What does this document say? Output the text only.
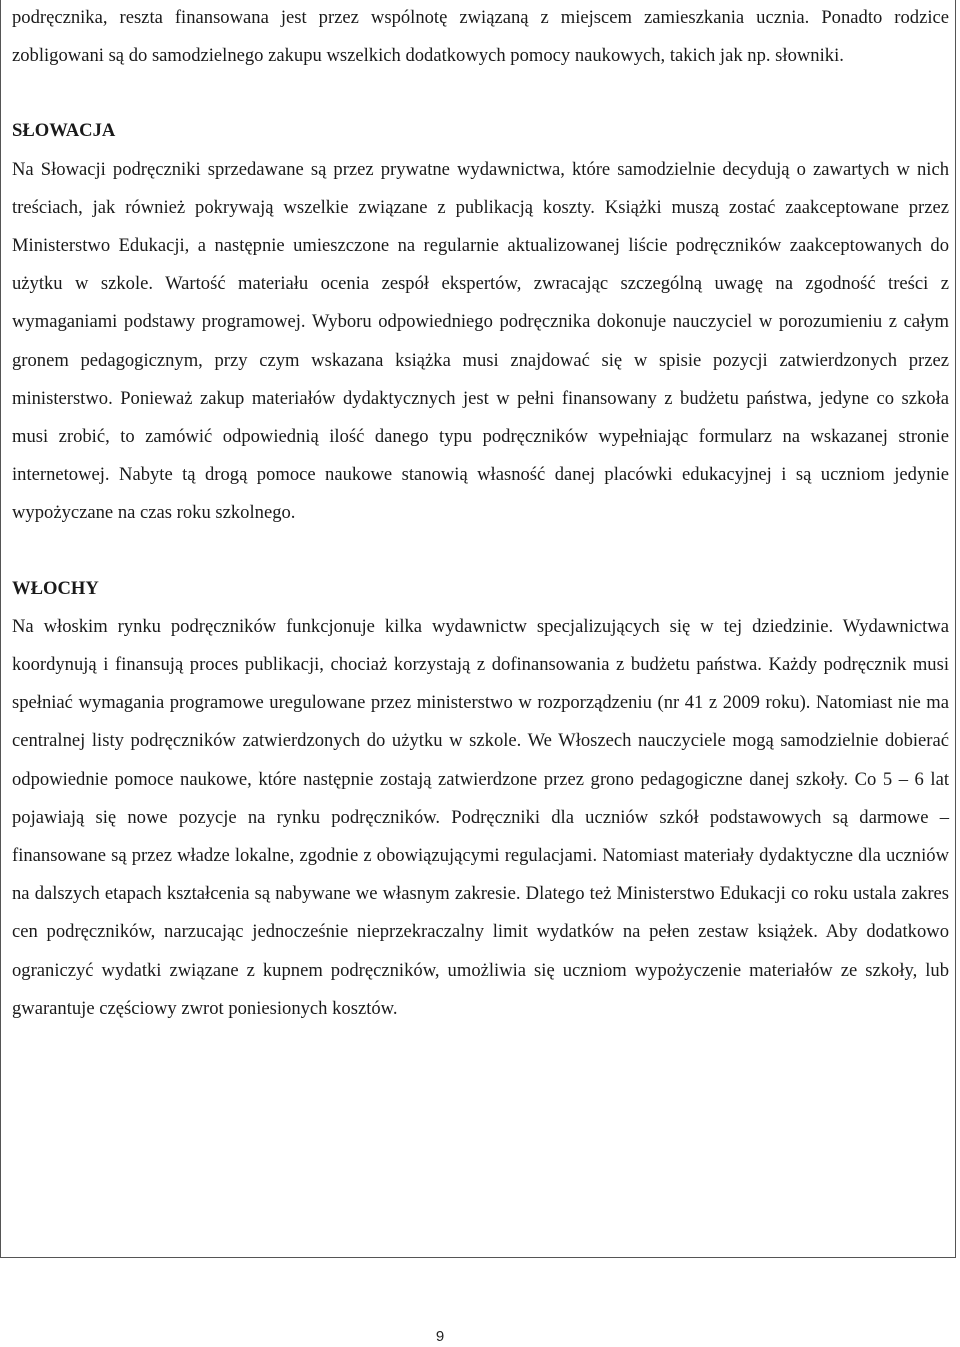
podręcznika, reszta finansowana jest przez wspólnotę związaną z miejscem zamieszkania ucznia. Ponadto rodzice zobligowani są do samodzielnego zakupu wszelkich dodatkowych pomocy naukowych, takich jak np. słowniki.

SŁOWACJA

Na Słowacji podręczniki sprzedawane są przez prywatne wydawnictwa, które samodzielnie decydują o zawartych w nich treściach, jak również pokrywają wszelkie związane z publikacją koszty. Książki muszą zostać zaakceptowane przez Ministerstwo Edukacji, a następnie umieszczone na regularnie aktualizowanej liście podręczników zaakceptowanych do użytku w szkole. Wartość materiału ocenia zespół ekspertów, zwracając szczególną uwagę na zgodność treści z wymaganiami podstawy programowej. Wyboru odpowiedniego podręcznika dokonuje nauczyciel w porozumieniu z całym gronem pedagogicznym, przy czym wskazana książka musi znajdować się w spisie pozycji zatwierdzonych przez ministerstwo. Ponieważ zakup materiałów dydaktycznych jest w pełni finansowany z budżetu państwa, jedyne co szkoła musi zrobić, to zamówić odpowiednią ilość danego typu podręczników wypełniając formularz na wskazanej stronie internetowej. Nabyte tą drogą pomoce naukowe stanowią własność danej placówki edukacyjnej i są uczniom jedynie wypożyczane na czas roku szkolnego.

WŁOCHY

Na włoskim rynku podręczników funkcjonuje kilka wydawnictw specjalizujących się w tej dziedzinie. Wydawnictwa koordynują i finansują proces publikacji, chociaż korzystają z dofinansowania z budżetu państwa. Każdy podręcznik musi spełniać wymagania programowe uregulowane przez ministerstwo w rozporządzeniu (nr 41 z 2009 roku). Natomiast nie ma centralnej listy podręczników zatwierdzonych do użytku w szkole. We Włoszech nauczyciele mogą samodzielnie dobierać odpowiednie pomoce naukowe, które następnie zostają zatwierdzone przez grono pedagogiczne danej szkoły. Co 5 – 6 lat pojawiają się nowe pozycje na rynku podręczników. Podręczniki dla uczniów szkół podstawowych są darmowe – finansowane są przez władze lokalne, zgodnie z obowiązującymi regulacjami. Natomiast materiały dydaktyczne dla uczniów na dalszych etapach kształcenia są nabywane we własnym zakresie. Dlatego też Ministerstwo Edukacji co roku ustala zakres cen podręczników, narzucając jednocześnie nieprzekraczalny limit wydatków na pełen zestaw książek. Aby dodatkowo ograniczyć wydatki związane z kupnem podręczników, umożliwia się uczniom wypożyczenie materiałów ze szkoły, lub gwarantuje częściowy zwrot poniesionych kosztów.

9
